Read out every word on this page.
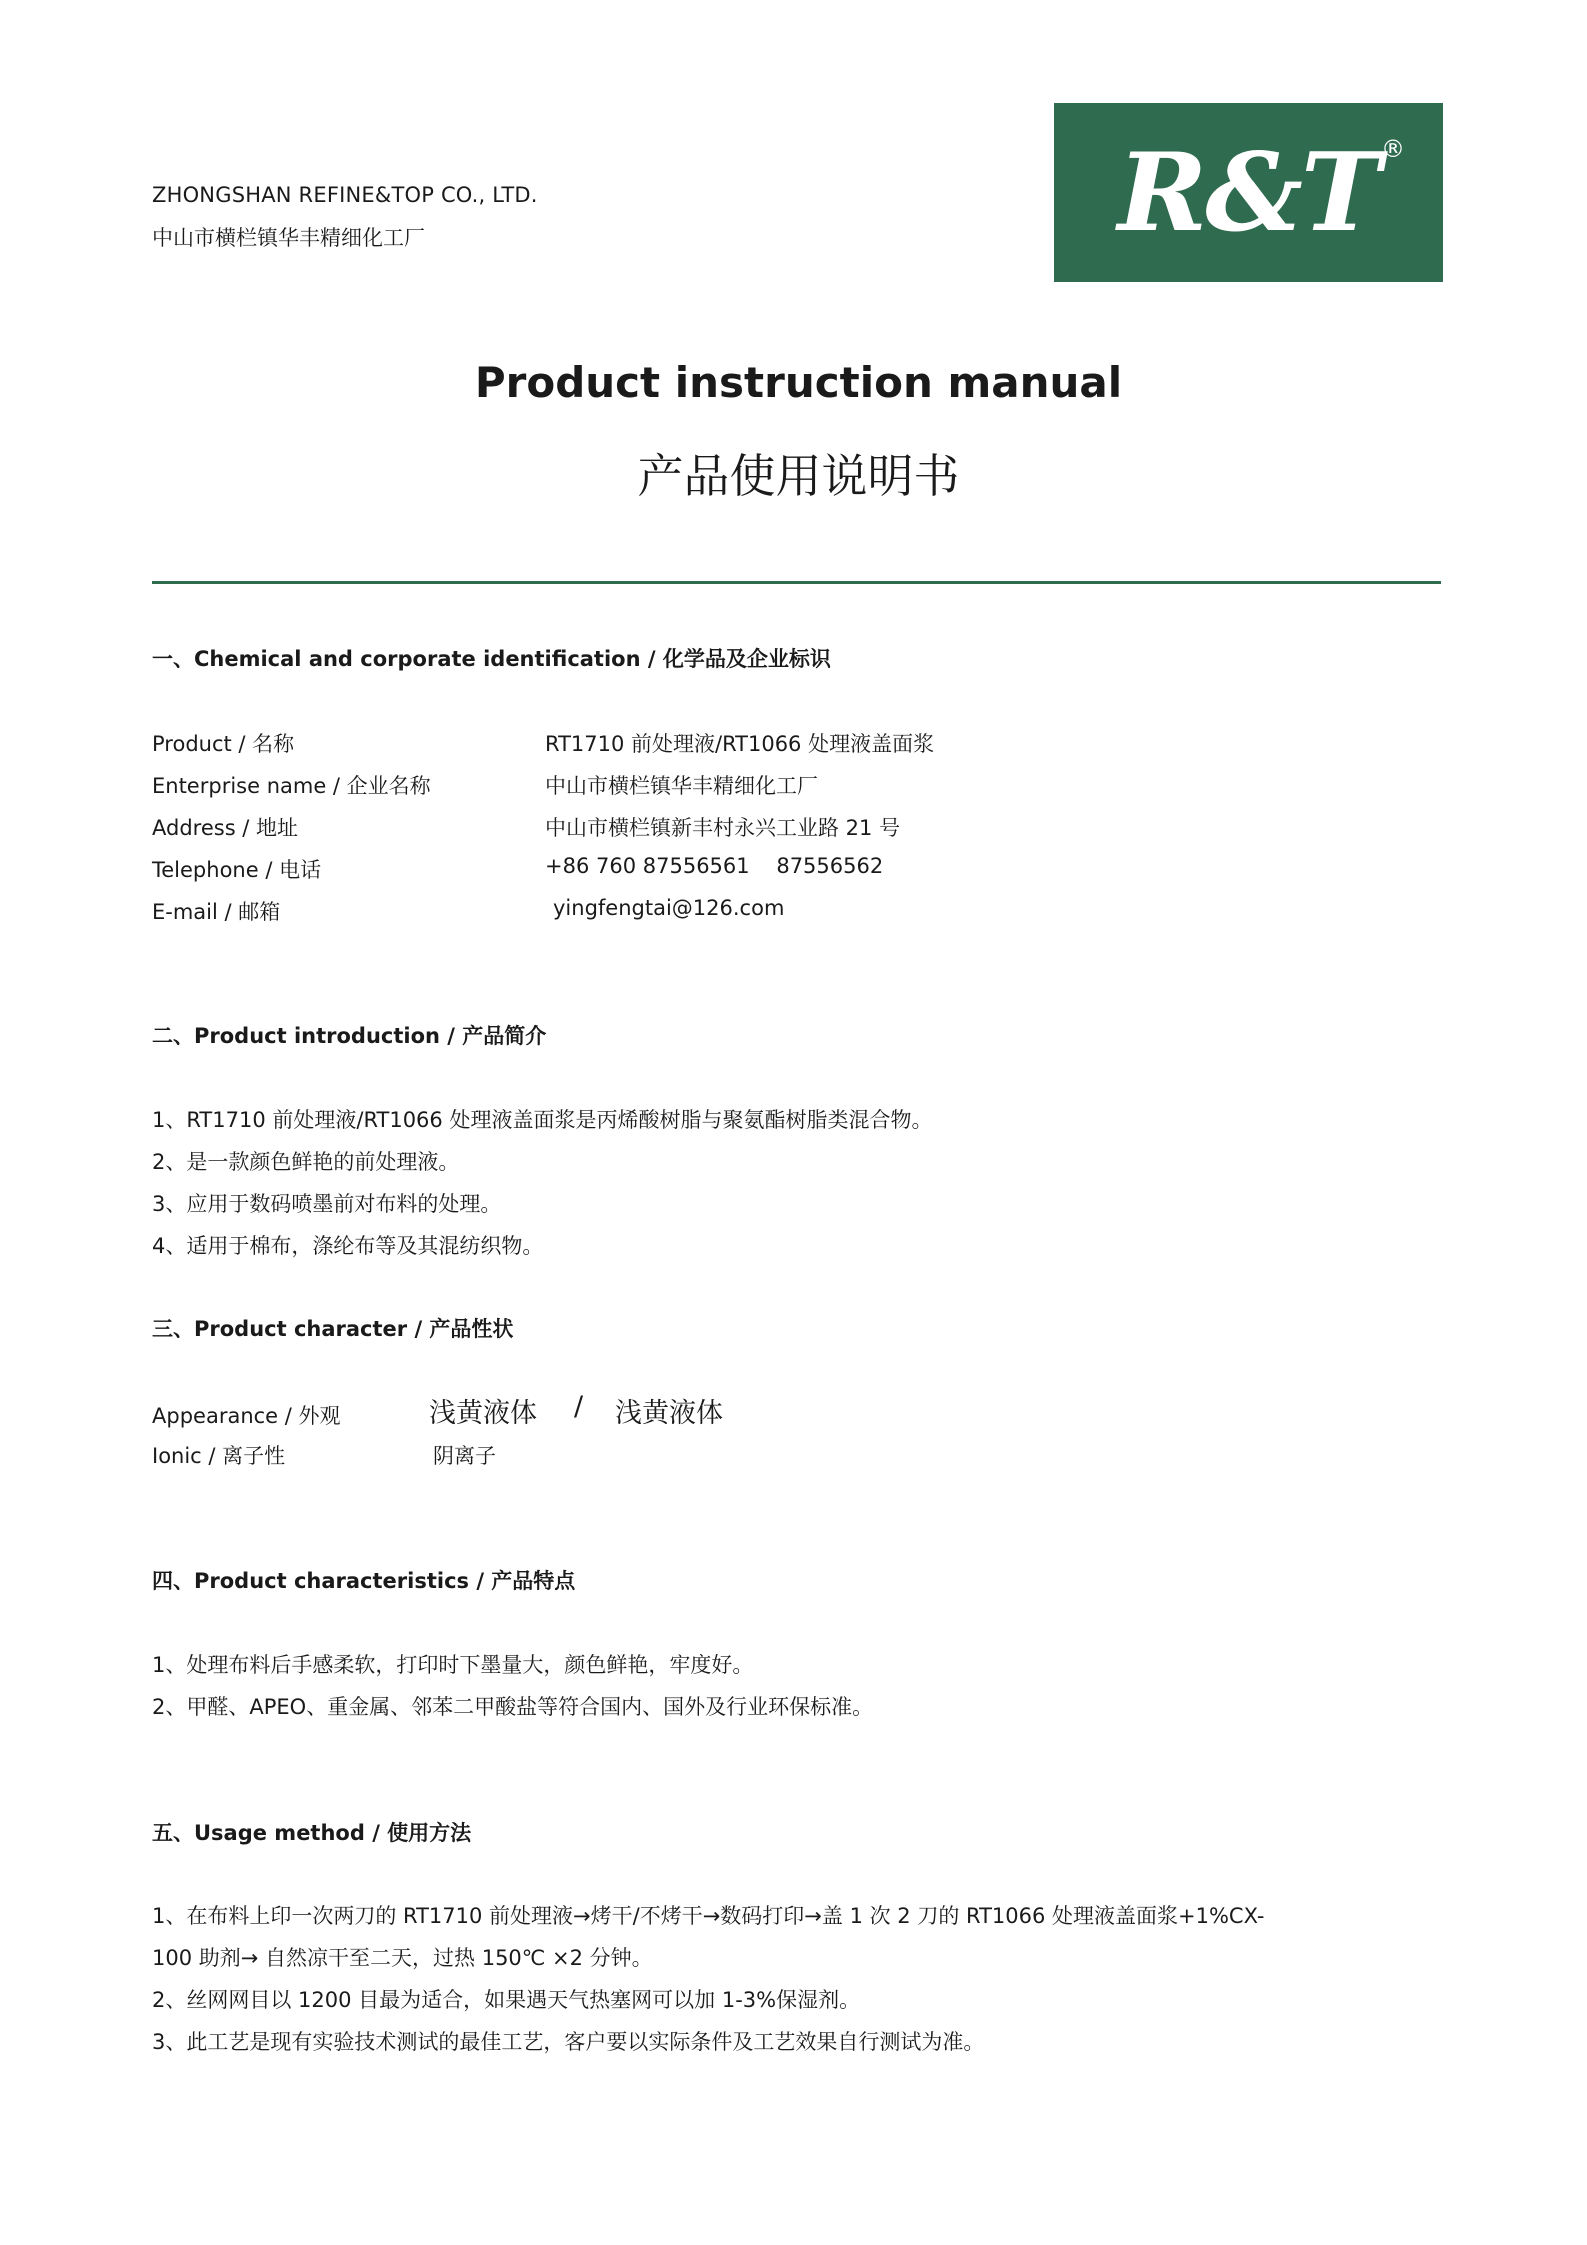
ZHONGSHAN REFINE&TOP CO., LTD.
中山市横栏镇华丰精细化工厂	R&T ®
Product instruction manual
产品使用说明书
一、Chemical and corporate identification / 化学品及企业标识
Product / 名称	RT1710 前处理液/RT1066 处理液盖面浆
Enterprise name / 企业名称	中山市横栏镇华丰精细化工厂
Address / 地址	中山市横栏镇新丰村永兴工业路 21 号
Telephone / 电话	+86 760 87556561    87556562
E-mail / 邮箱	yingfengtai@126.com
二、Product introduction / 产品简介
1、RT1710 前处理液/RT1066 处理液盖面浆是丙烯酸树脂与聚氨酯树脂类混合物。
2、是一款颜色鲜艳的前处理液。
3、应用于数码喷墨前对布料的处理。
4、适用于棉布，涤纶布等及其混纺织物。
三、Product character / 产品性状
Appearance / 外观	浅黄液体 / 浅黄液体
Ionic / 离子性	阴离子
四、Product characteristics / 产品特点
1、处理布料后手感柔软，打印时下墨量大，颜色鲜艳，牢度好。
2、甲醛、APEO、重金属、邻苯二甲酸盐等符合国内、国外及行业环保标准。
五、Usage method / 使用方法
1、在布料上印一次两刀的 RT1710 前处理液→烤干/不烤干→数码打印→盖 1 次 2 刀的 RT1066 处理液盖面浆+1%CX-
100 助剂→ 自然凉干至二天，过热 150℃ ×2 分钟。
2、丝网网目以 1200 目最为适合，如果遇天气热塞网可以加 1-3%保湿剂。
3、此工艺是现有实验技术测试的最佳工艺，客户要以实际条件及工艺效果自行测试为准。
